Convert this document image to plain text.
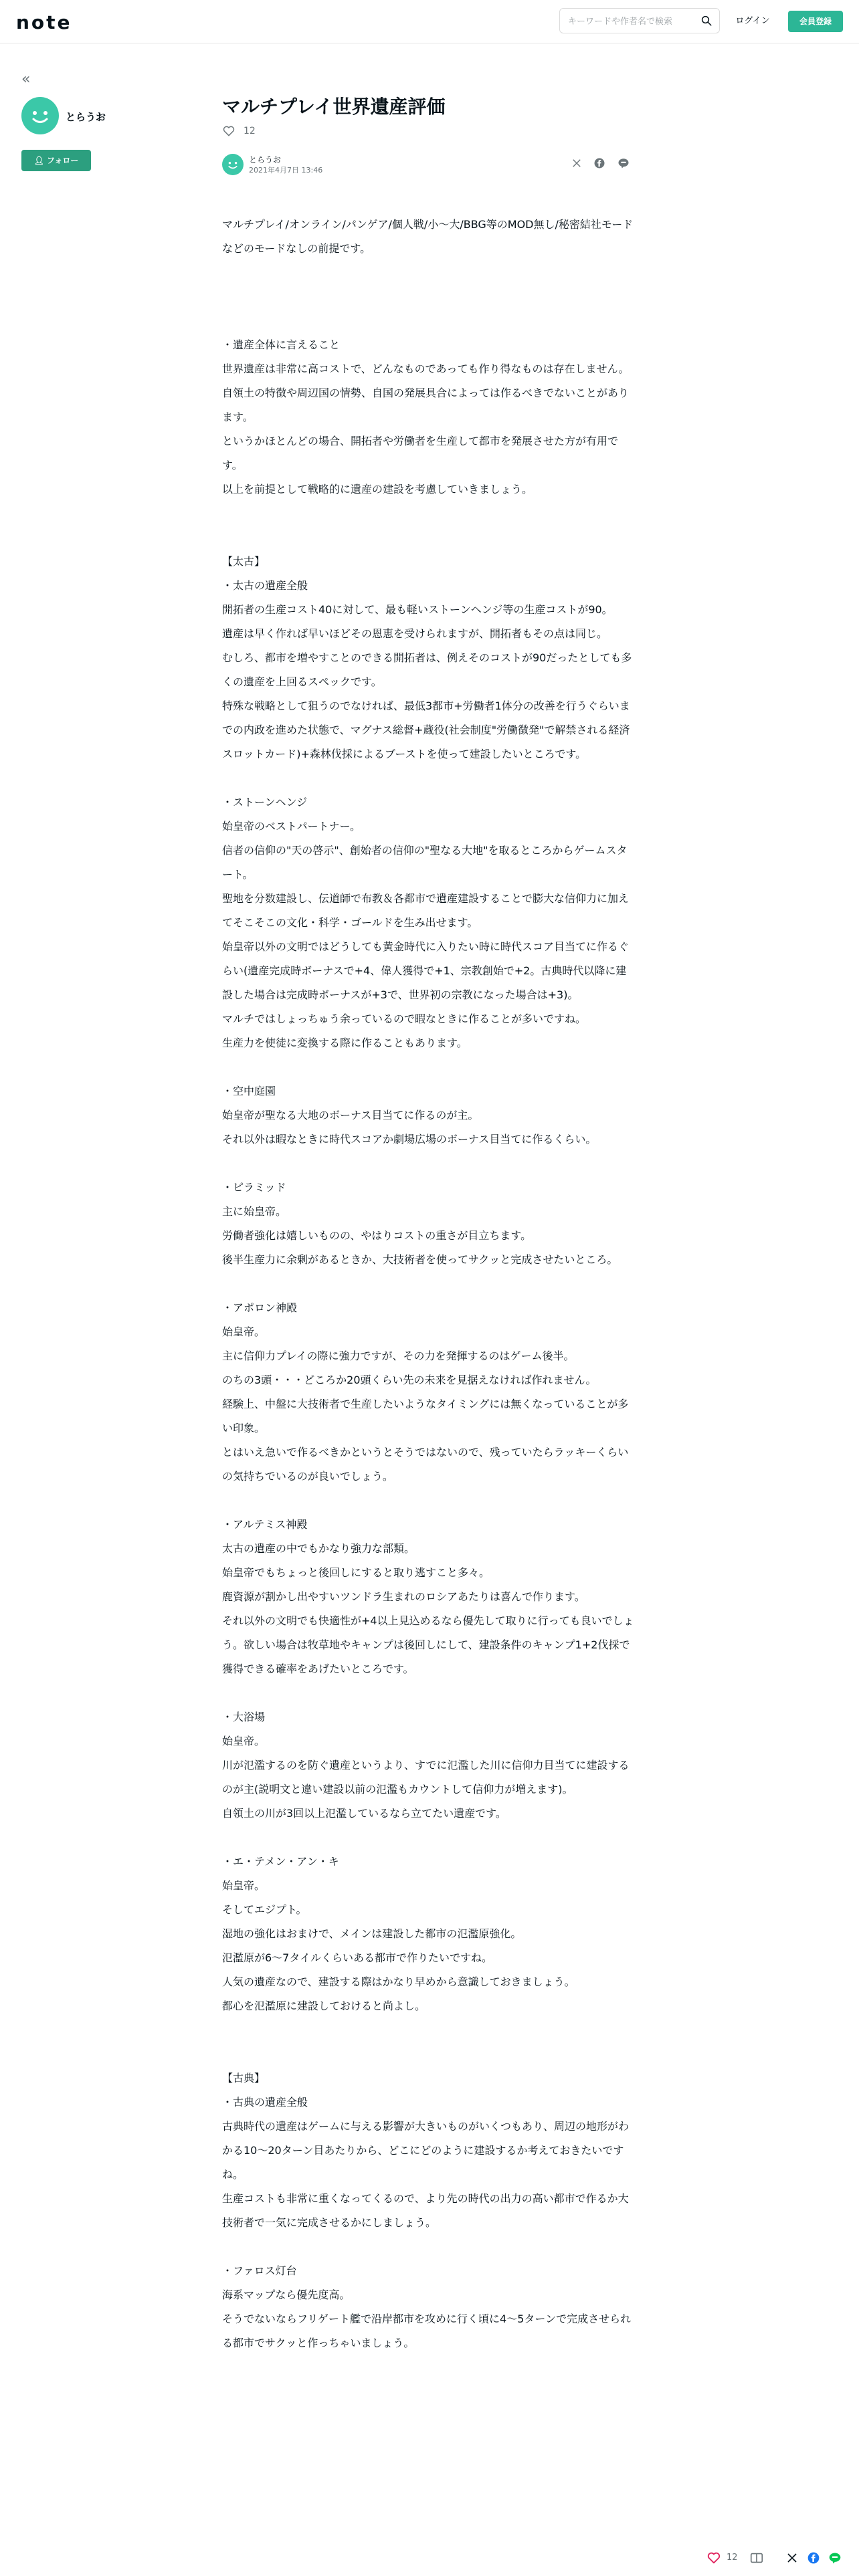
note
キーワードや作者名で検索	ログイン	会員登録
«
とらうお
👤︎ フォロー
マルチプレイ世界遺産評価
12
とらうお
2021年4月7日 13:46

マルチプレイ/オンライン/パンゲア/個人戦/小～大/BBG等のMOD無し/秘密結社モードなどのモードなしの前提です。

・遺産全体に言えること

世界遺産は非常に高コストで、どんなものであっても作り得なものは存在しません。

自領土の特徴や周辺国の情勢、自国の発展具合によっては作るべきでないことがあります。

というかほとんどの場合、開拓者や労働者を生産して都市を発展させた方が有用です。

以上を前提として戦略的に遺産の建設を考慮していきましょう。

【太古】

・太古の遺産全般

開拓者の生産コスト40に対して、最も軽いストーンヘンジ等の生産コストが90。

遺産は早く作れば早いほどその恩恵を受けられますが、開拓者もその点は同じ。

むしろ、都市を増やすことのできる開拓者は、例えそのコストが90だったとしても多くの遺産を上回るスペックです。

特殊な戦略として狙うのでなければ、最低3都市+労働者1体分の改善を行うぐらいまでの内政を進めた状態で、マグナス総督+蔵役(社会制度"労働徴発"で解禁される経済スロットカード)+森林伐採によるブーストを使って建設したいところです。

・ストーンヘンジ

始皇帝のベストパートナー。

信者の信仰の"天の啓示"、創始者の信仰の"聖なる大地"を取るところからゲームスタート。

聖地を分数建設し、伝道師で布教＆各都市で遺産建設することで膨大な信仰力に加えてそこそこの文化・科学・ゴールドを生み出せます。

始皇帝以外の文明ではどうしても黄金時代に入りたい時に時代スコア目当てに作るぐらい(遺産完成時ボーナスで+4、偉人獲得で+1、宗教創始で+2。古典時代以降に建設した場合は完成時ボーナスが+3で、世界初の宗教になった場合は+3)。

マルチではしょっちゅう余っているので暇なときに作ることが多いですね。

生産力を使徒に変換する際に作ることもあります。

・空中庭園

始皇帝が聖なる大地のボーナス目当てに作るのが主。

それ以外は暇なときに時代スコアか劇場広場のボーナス目当てに作るくらい。

・ピラミッド

主に始皇帝。

労働者強化は嬉しいものの、やはりコストの重さが目立ちます。

後半生産力に余剰があるときか、大技術者を使ってサクッと完成させたいところ。

・アポロン神殿

始皇帝。

主に信仰力プレイの際に強力ですが、その力を発揮するのはゲーム後半。

のちの3頭・・・どころか20頭くらい先の未来を見据えなければ作れません。

経験上、中盤に大技術者で生産したいようなタイミングには無くなっていることが多い印象。

とはいえ急いで作るべきかというとそうではないので、残っていたらラッキーくらいの気持ちでいるのが良いでしょう。

・アルテミス神殿

太古の遺産の中でもかなり強力な部類。

始皇帝でもちょっと後回しにすると取り逃すこと多々。

鹿資源が割かし出やすいツンドラ生まれのロシアあたりは喜んで作ります。

それ以外の文明でも快適性が+4以上見込めるなら優先して取りに行っても良いでしょう。欲しい場合は牧草地やキャンプは後回しにして、建設条件のキャンプ1+2伐採で獲得できる確率をあげたいところです。

・大浴場

始皇帝。

川が氾濫するのを防ぐ遺産というより、すでに氾濫した川に信仰力目当てに建設するのが主(説明文と違い建設以前の氾濫もカウントして信仰力が増えます)。

自領土の川が3回以上氾濫しているなら立てたい遺産です。

・エ・テメン・アン・キ

始皇帝。

そしてエジプト。

湿地の強化はおまけで、メインは建設した都市の氾濫原強化。

氾濫原が6～7タイルくらいある都市で作りたいですね。

人気の遺産なので、建設する際はかなり早めから意識しておきましょう。

都心を氾濫原に建設しておけると尚よし。

【古典】

・古典の遺産全般

古典時代の遺産はゲームに与える影響が大きいものがいくつもあり、周辺の地形がわかる10～20ターン目あたりから、どこにどのように建設するか考えておきたいですね。

生産コストも非常に重くなってくるので、より先の時代の出力の高い都市で作るか大技術者で一気に完成させるかにしましょう。

・ファロス灯台

海系マップなら優先度高。

そうでないならフリゲート艦で沿岸都市を攻めに行く頃に4～5ターンで完成させられる都市でサクッと作っちゃいましょう。

12
